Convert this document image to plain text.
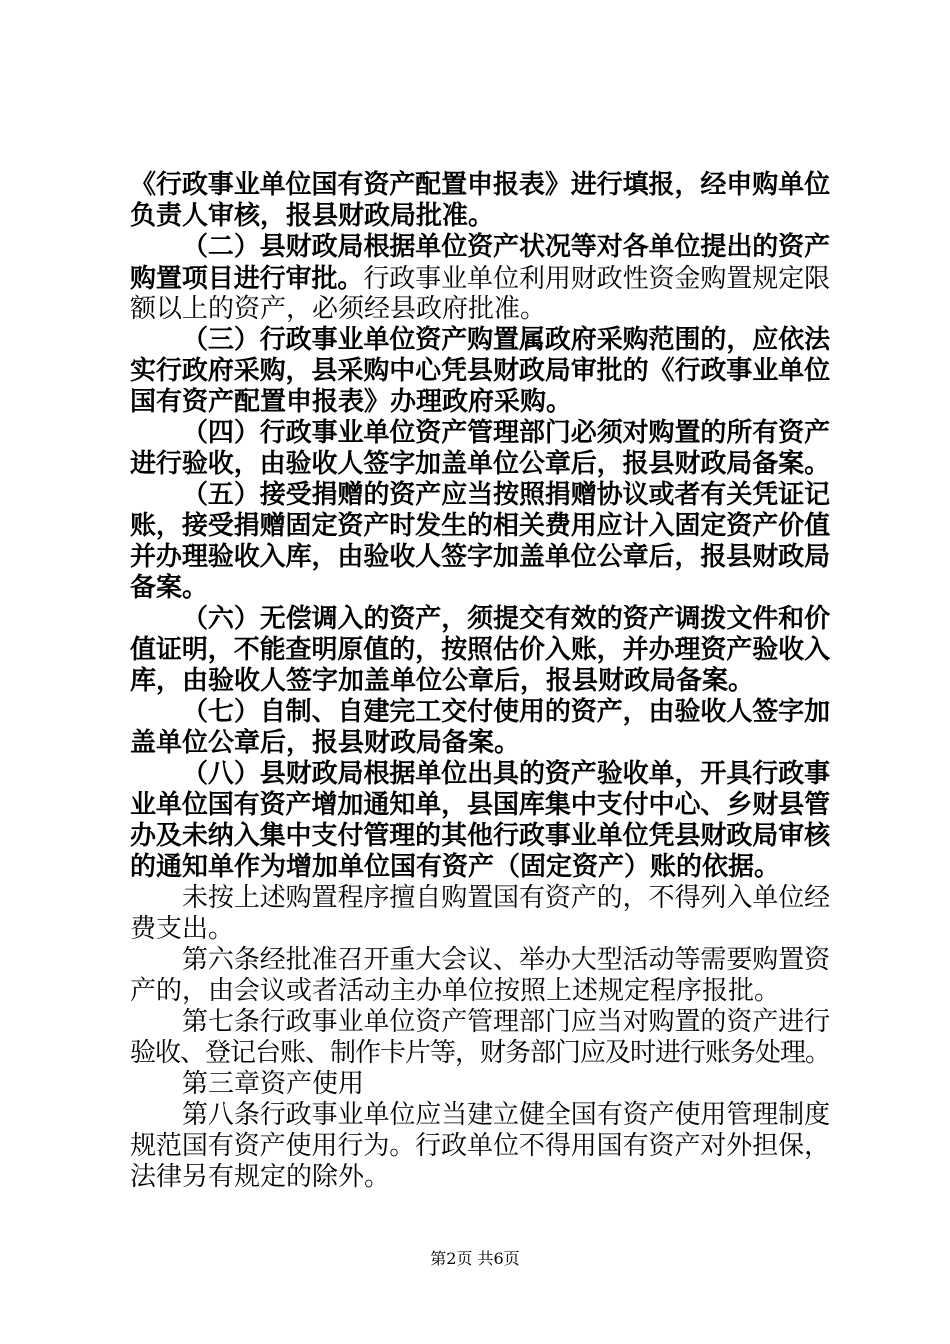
《行政事业单位国有资产配置申报表》进行填报，经申购单位
负责人审核，报县财政局批准。
（二）县财政局根据单位资产状况等对各单位提出的资产
购置项目进行审批。行政事业单位利用财政性资金购置规定限
额以上的资产，必须经县政府批准。
（三）行政事业单位资产购置属政府采购范围的，应依法
实行政府采购，县采购中心凭县财政局审批的《行政事业单位
国有资产配置申报表》办理政府采购。
（四）行政事业单位资产管理部门必须对购置的所有资产
进行验收，由验收人签字加盖单位公章后，报县财政局备案。
（五）接受捐赠的资产应当按照捐赠协议或者有关凭证记
账，接受捐赠固定资产时发生的相关费用应计入固定资产价值
并办理验收入库，由验收人签字加盖单位公章后，报县财政局
备案。
（六）无偿调入的资产，须提交有效的资产调拨文件和价
值证明，不能查明原值的，按照估价入账，并办理资产验收入
库，由验收人签字加盖单位公章后，报县财政局备案。
（七）自制、自建完工交付使用的资产，由验收人签字加
盖单位公章后，报县财政局备案。
（八）县财政局根据单位出具的资产验收单，开具行政事
业单位国有资产增加通知单，县国库集中支付中心、乡财县管
办及未纳入集中支付管理的其他行政事业单位凭县财政局审核
的通知单作为增加单位国有资产（固定资产）账的依据。
未按上述购置程序擅自购置国有资产的，不得列入单位经
费支出。
第六条经批准召开重大会议、举办大型活动等需要购置资
产的，由会议或者活动主办单位按照上述规定程序报批。
第七条行政事业单位资产管理部门应当对购置的资产进行
验收、登记台账、制作卡片等，财务部门应及时进行账务处理。
第三章资产使用
第八条行政事业单位应当建立健全国有资产使用管理制度
规范国有资产使用行为。行政单位不得用国有资产对外担保，
法律另有规定的除外。
第2页 共6页
